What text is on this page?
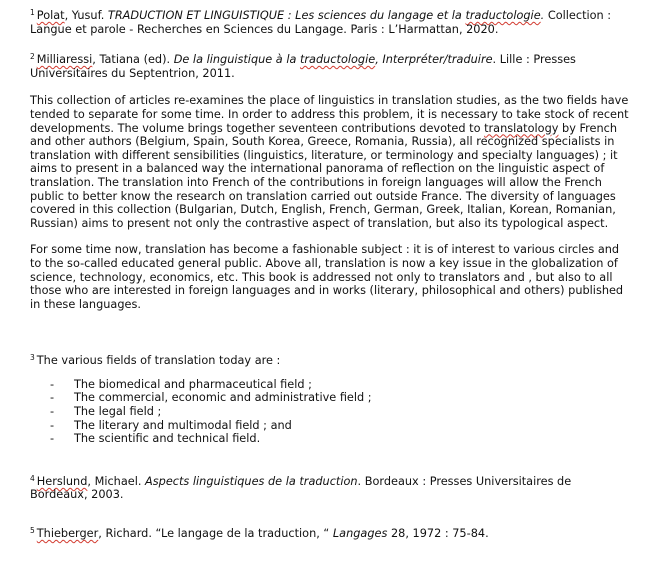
$^1$ Polat, Yusuf. TRADUCTION ET LINGUISTIQUE : Les sciences du langage et la traductologie. Collection : Langue et parole - Recherches en Sciences du Langage. Paris : L’Harmattan, 2020.

$^2$ Milliaressi, Tatiana (ed). De la linguistique à la traductologie, Interpréter/traduire. Lille : Presses Universitaires du Septentrion, 2011.

This collection of articles re-examines the place of linguistics in translation studies, as the two fields have tended to separate for some time. In order to address this problem, it is necessary to take stock of recent developments. The volume brings together seventeen contributions devoted to translatology by French and other authors (Belgium, Spain, South Korea, Greece, Romania, Russia), all recognized specialists in translation with different sensibilities (linguistics, literature, or terminology and specialty languages) ; it aims to present in a balanced way the international panorama of reflection on the linguistic aspect of translation. The translation into French of the contributions in foreign languages will allow the French public to better know the research on translation carried out outside France. The diversity of languages covered in this collection (Bulgarian, Dutch, English, French, German, Greek, Italian, Korean, Romanian, Russian) aims to present not only the contrastive aspect of translation, but also its typological aspect.

For some time now, translation has become a fashionable subject : it is of interest to various circles and to the so-called educated general public. Above all, translation is now a key issue in the globalization of science, technology, economics, etc. This book is addressed not only to translators and , but also to all those who are interested in foreign languages and in works (literary, philosophical and others) published in these languages.

$^3$ The various fields of translation today are :

- The biomedical and pharmaceutical field ;
- The commercial, economic and administrative field ;
- The legal field ;
- The literary and multimodal field ; and
- The scientific and technical field.

$^4$ Herslund, Michael. Aspects linguistiques de la traduction. Bordeaux : Presses Universitaires de Bordeaux, 2003.

$^5$ Thieberger, Richard. “Le langage de la traduction, “ Langages 28, 1972 : 75-84.
